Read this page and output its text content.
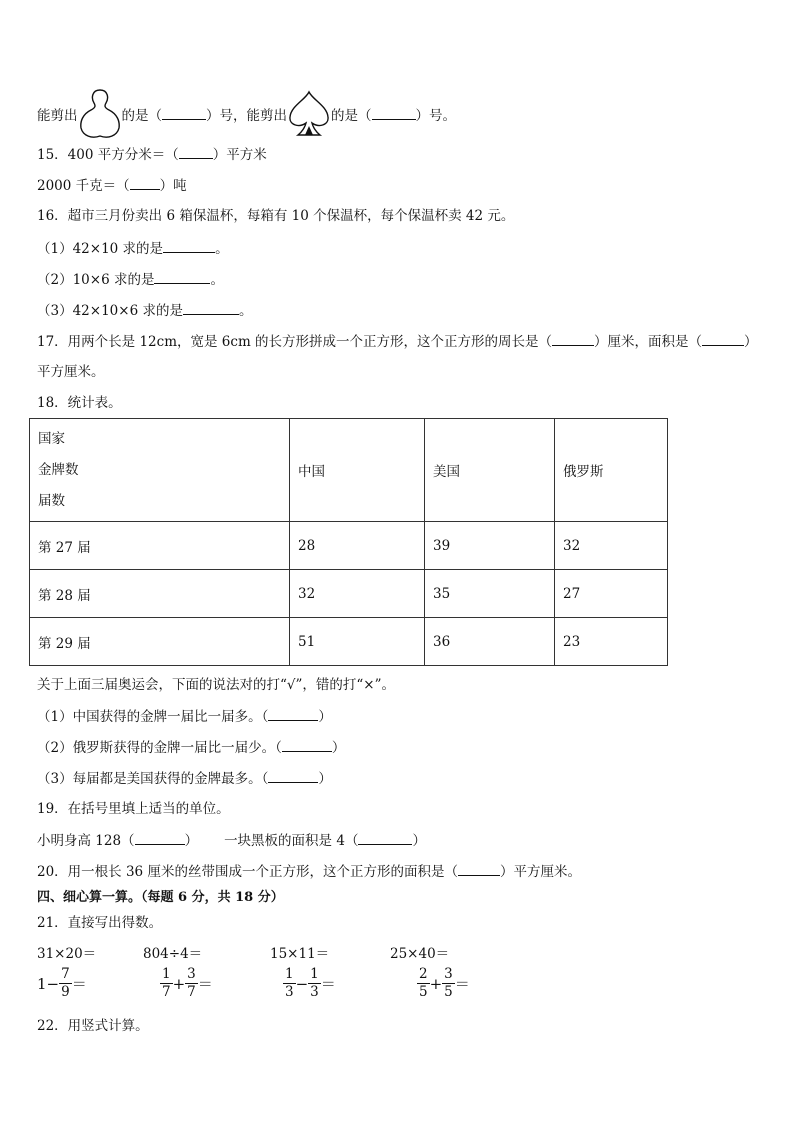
能剪出	的是（	）号，能剪出	的是（	）号。
15．400 平方分米＝（	）平方米
2000 千克＝（ ）吨
16．超市三月份卖出 6 箱保温杯，每箱有 10 个保温杯，每个保温杯卖 42 元。
（1）42×10 求的是	。
（2）10×6 求的是	。
（3）42×10×6 求的是	。
17．用两个长是 12cm，宽是 6cm 的长方形拼成一个正方形，这个正方形的周长是（	）厘米，面积是（	）
平方厘米。
18．统计表。
国家
金牌数
届数	中国	美国	俄罗斯
第 27 届	28	39	32
第 28 届	32	35	27
第 29 届	51	36	23
关于上面三届奥运会，下面的说法对的打“√”，错的打“×”。
（1）中国获得的金牌一届比一届多。（	）
（2）俄罗斯获得的金牌一届比一届少。（	）
（3）每届都是美国获得的金牌最多。（	）
19．在括号里填上适当的单位。
小明身高 128（	） 一块黑板的面积是 4（	）
20．用一根长 36 厘米的丝带围成一个正方形，这个正方形的面积是（	）平方厘米。
四、细心算一算。（每题 6 分，共 18 分）
21．直接写出得数。
31×20＝	804÷4＝	15×11＝	25×40＝
$1- \frac{7}{9}$ ＝	$\frac{1}{7} + \frac{3}{7}$ ＝	$\frac{1}{3} - \frac{1}{3}$ ＝	$\frac{2}{5} + \frac{3}{5}$ ＝
22．用竖式计算。
